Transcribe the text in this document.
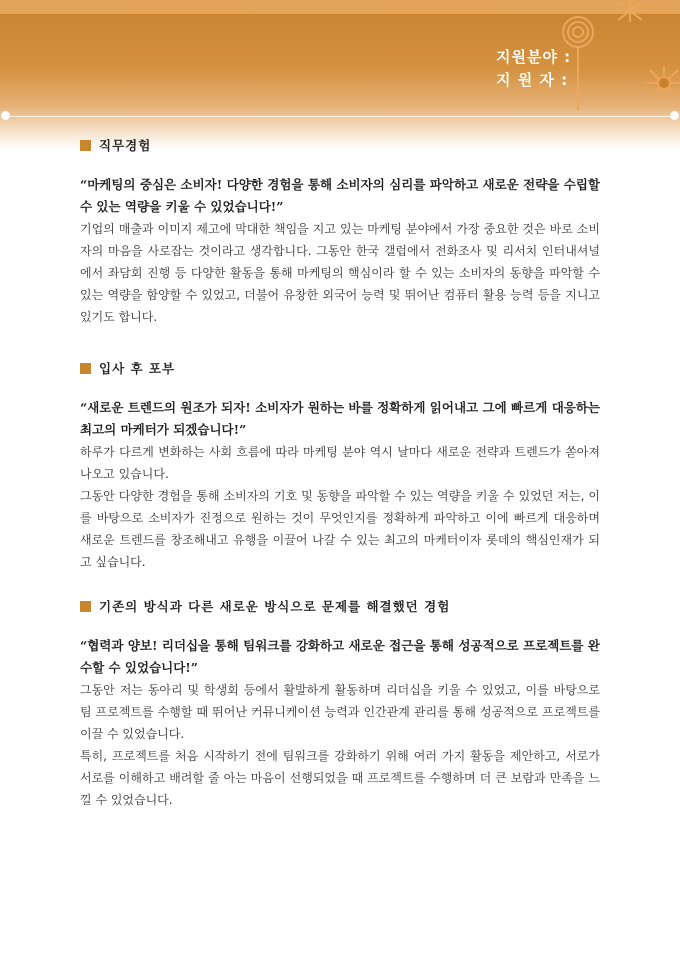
지원분야 :
지 원 자 :
직무경험
“마케팅의 중심은 소비자! 다양한 경험을 통해 소비자의 심리를 파악하고 새로운 전략을 수립할 수 있는 역량을 키울 수 있었습니다!”
기업의 매출과 이미지 제고에 막대한 책임을 지고 있는 마케팅 분야에서 가장 중요한 것은 바로 소비자의 마음을 사로잡는 것이라고 생각합니다. 그동안 한국 갤럽에서 전화조사 및 리서치 인터내셔널에서 좌담회 진행 등 다양한 활동을 통해 마케팅의 핵심이라 할 수 있는 소비자의 동향을 파악할 수 있는 역량을 함양할 수 있었고, 더불어 유창한 외국어 능력 및 뛰어난 컴퓨터 활용 능력 등을 지니고 있기도 합니다.
입사 후 포부
“새로운 트렌드의 원조가 되자! 소비자가 원하는 바를 정확하게 읽어내고 그에 빠르게 대응하는 최고의 마케터가 되겠습니다!”
하루가 다르게 변화하는 사회 흐름에 따라 마케팅 분야 역시 날마다 새로운 전략과 트렌드가 쏟아져 나오고 있습니다.
그동안 다양한 경험을 통해 소비자의 기호 및 동향을 파악할 수 있는 역량을 키울 수 있었던 저는, 이를 바탕으로 소비자가 진정으로 원하는 것이 무엇인지를 정확하게 파악하고 이에 빠르게 대응하며 새로운 트렌드를 창조해내고 유행을 이끌어 나갈 수 있는 최고의 마케터이자 롯데의 핵심인재가 되고 싶습니다.
기존의 방식과 다른 새로운 방식으로 문제를 해결했던 경험
“협력과 양보! 리더십을 통해 팀워크를 강화하고 새로운 접근을 통해 성공적으로 프로젝트를 완수할 수 있었습니다!”
그동안 저는 동아리 및 학생회 등에서 활발하게 활동하며 리더십을 키울 수 있었고, 이를 바탕으로 팀 프로젝트를 수행할 때 뛰어난 커뮤니케이션 능력과 인간관계 관리를 통해 성공적으로 프로젝트를 이끌 수 있었습니다.
특히, 프로젝트를 처음 시작하기 전에 팀워크를 강화하기 위해 여러 가지 활동을 제안하고, 서로가 서로를 이해하고 배려할 줄 아는 마음이 선행되었을 때 프로젝트를 수행하며 더 큰 보람과 만족을 느낄 수 있었습니다.
